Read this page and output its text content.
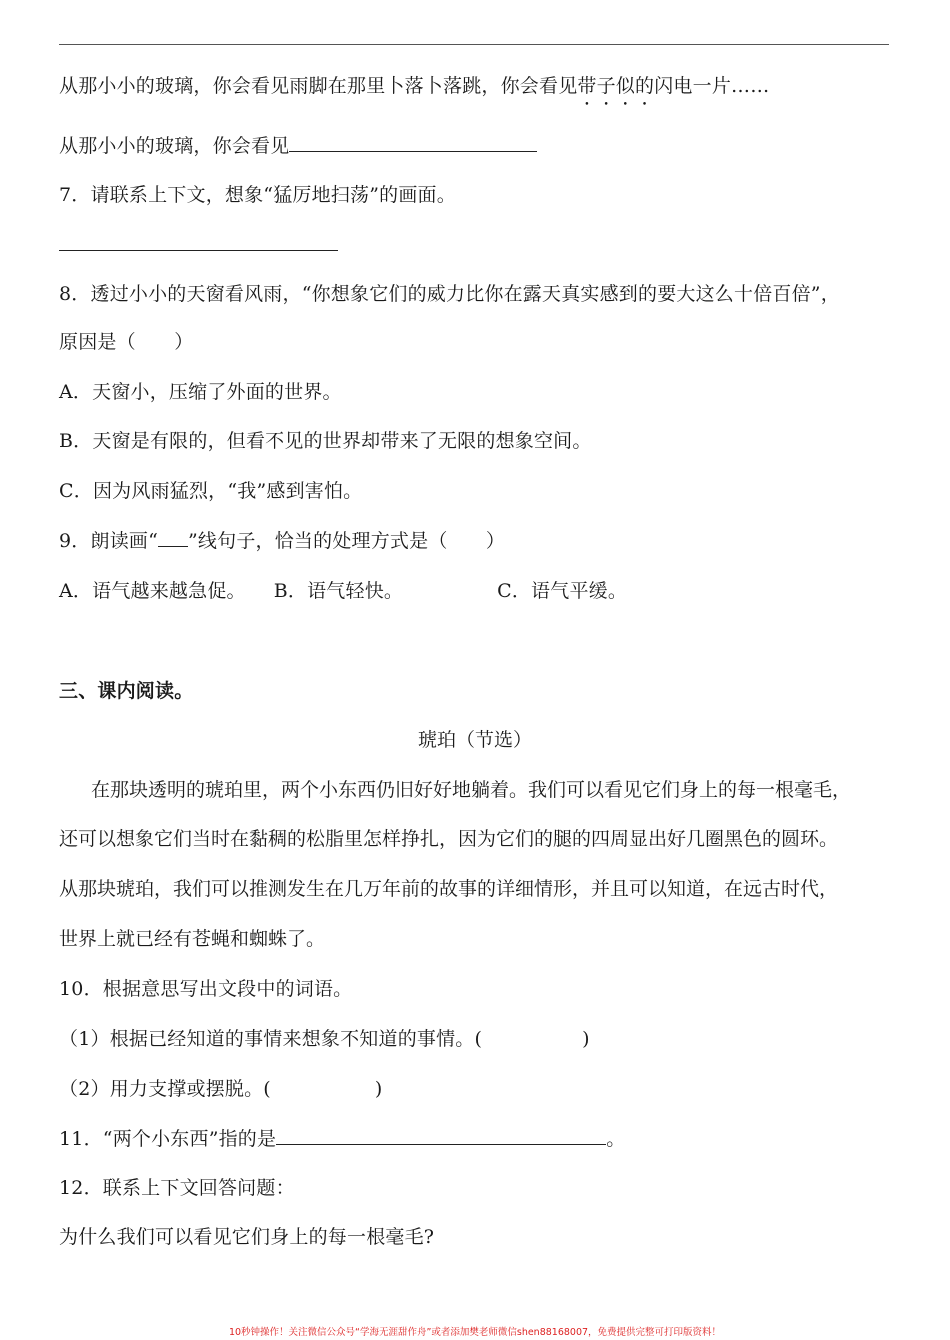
从那小小的玻璃，你会看见雨脚在那里卜落卜落跳，你会看见带子似的闪电一片……
从那小小的玻璃，你会看见
7．请联系上下文，想象“猛厉地扫荡”的画面。
8．透过小小的天窗看风雨，“你想象它们的威力比你在露天真实感到的要大这么十倍百倍”，
原因是（　　）
A．天窗小，压缩了外面的世界。
B．天窗是有限的，但看不见的世界却带来了无限的想象空间。
C．因为风雨猛烈，“我”感到害怕。
9．朗读画“ ”线句子，恰当的处理方式是（　　）
A．语气越来越急促。 B．语气轻快。	C．语气平缓。
三、课内阅读。
琥珀（节选）
在那块透明的琥珀里，两个小东西仍旧好好地躺着。我们可以看见它们身上的每一根毫毛，
还可以想象它们当时在黏稠的松脂里怎样挣扎，因为它们的腿的四周显出好几圈黑色的圆环。
从那块琥珀，我们可以推测发生在几万年前的故事的详细情形，并且可以知道，在远古时代，
世界上就已经有苍蝇和蜘蛛了。
10．根据意思写出文段中的词语。
（1）根据已经知道的事情来想象不知道的事情。(	)
（2）用力支撑或摆脱。(	)
11．“两个小东西”指的是	。
12．联系上下文回答问题：
为什么我们可以看见它们身上的每一根毫毛?
10秒钟操作！关注微信公众号“学海无涯甜作舟”或者添加樊老师微信shen88168007，免费提供完整可打印版资料！
